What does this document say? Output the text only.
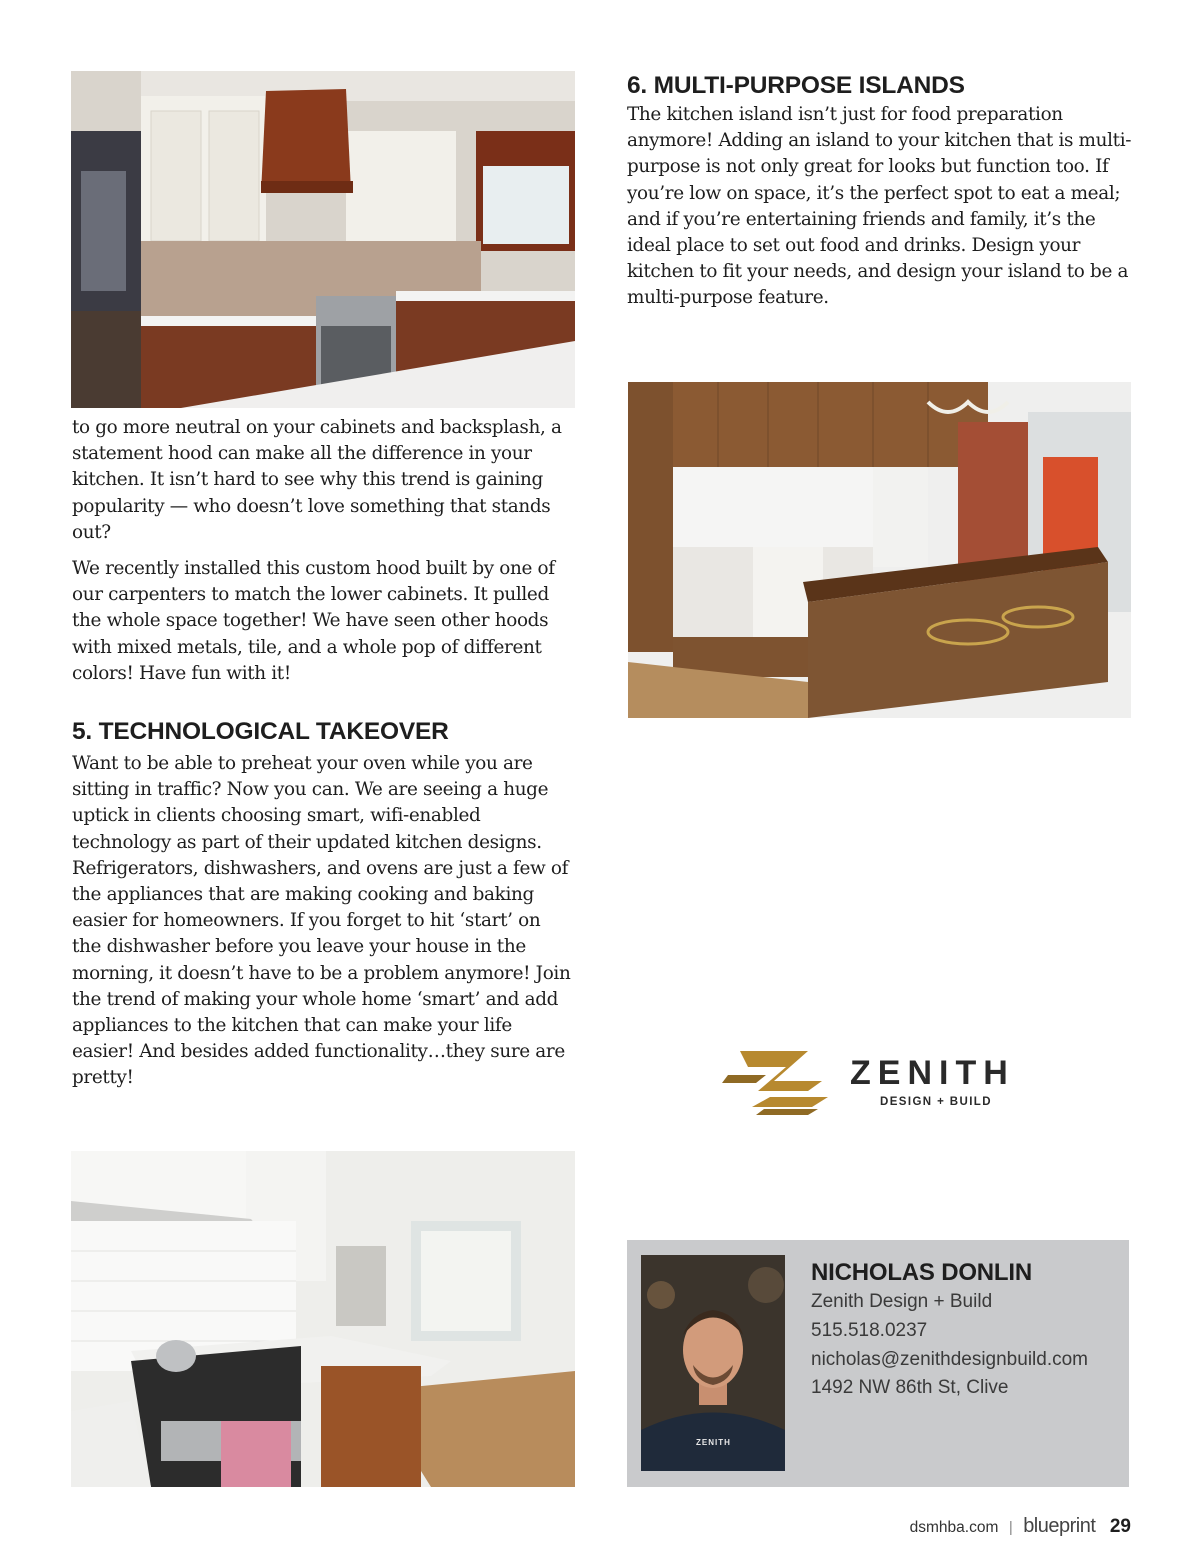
to go more neutral on your cabinets and backsplash, a statement hood can make all the difference in your kitchen. It isn’t hard to see why this trend is gaining popularity — who doesn’t love something that stands out?

We recently installed this custom hood built by one of our carpenters to match the lower cabinets. It pulled the whole space together! We have seen other hoods with mixed metals, tile, and a whole pop of different colors! Have fun with it!

5. TECHNOLOGICAL TAKEOVER

Want to be able to preheat your oven while you are sitting in traffic? Now you can. We are seeing a huge uptick in clients choosing smart, wifi-enabled technology as part of their updated kitchen designs. Refrigerators, dishwashers, and ovens are just a few of the appliances that are making cooking and baking easier for homeowners. If you forget to hit ‘start’ on the dishwasher before you leave your house in the morning, it doesn’t have to be a problem anymore! Join the trend of making your whole home ‘smart’ and add appliances to the kitchen that can make your life easier! And besides added functionality…they sure are pretty!

6. MULTI-PURPOSE ISLANDS

The kitchen island isn’t just for food preparation anymore! Adding an island to your kitchen that is multi-purpose is not only great for looks but function too. If you’re low on space, it’s the perfect spot to eat a meal; and if you’re entertaining friends and family, it’s the ideal place to set out food and drinks. Design your kitchen to fit your needs, and design your island to be a multi-purpose feature.

ZENITH
DESIGN + BUILD
ZENITH
NICHOLAS DONLIN
Zenith Design + Build
515.518.0237
nicholas@zenithdesignbuild.com
1492 NW 86th St, Clive
dsmhba.com | blueprint 29
